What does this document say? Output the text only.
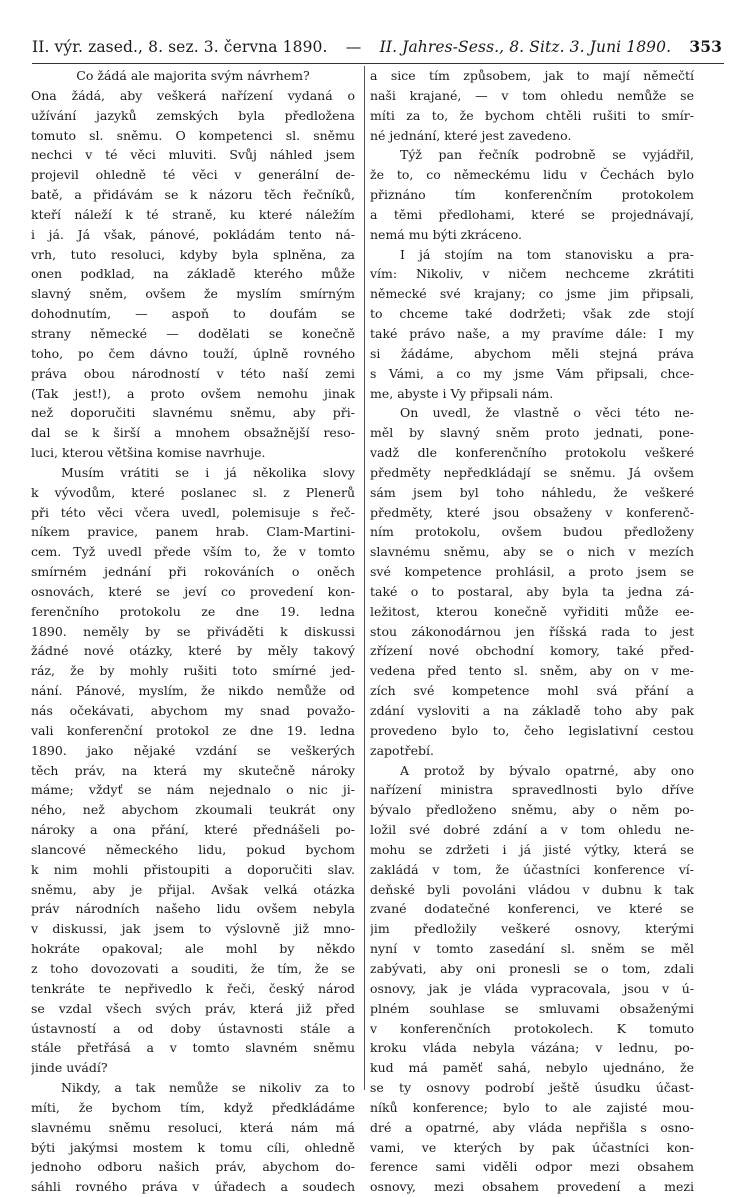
II. výr. zased., 8. sez. 3. června 1890. — II. Jahres-Sess., 8. Sitz. 3. Juni 1890. 353
Co žádá ale majorita svým návrhem?
Ona žádá, aby veškerá nařízení vydaná o
užívání jazyků zemských byla předložena
tomuto sl. sněmu. O kompetenci sl. sněmu
nechci v té věci mluviti. Svůj náhled jsem
projevil ohledně té věci v generální de-
batě, a přidávám se k názoru těch řečníků,
kteří náleží k té straně, ku které náležím
i já. Já však, pánové, pokládám tento ná-
vrh, tuto resoluci, kdyby byla splněna, za
onen podklad, na základě kterého může
slavný sněm, ovšem že myslím smírným
dohodnutím, — aspoň to doufám se
strany německé — dodělati se konečně
toho, po čem dávno touží, úplně rovného
práva obou národností v této naší zemi
(Tak jest!), a proto ovšem nemohu jinak
než doporučiti slavnému sněmu, aby při-
dal se k širší a mnohem obsažnější reso-
luci, kterou většina komise navrhuje.
Musím vrátiti se i já několika slovy
k vývodům, které poslanec sl. z Plenerů
při této věci včera uvedl, polemisuje s řeč-
níkem pravice, panem hrab. Clam-Martini-
cem. Tyž uvedl přede vším to, že v tomto
smírném jednání při rokováních o oněch
osnovách, které se jeví co provedení kon-
ferenčního protokolu ze dne 19. ledna
1890. neměly by se přiváděti k diskussi
žádné nové otázky, které by měly takový
ráz, že by mohly rušiti toto smírné jed-
nání. Pánové, myslím, že nikdo nemůže od
nás očekávati, abychom my snad považo-
vali konferenční protokol ze dne 19. ledna
1890. jako nějaké vzdání se veškerých
těch práv, na která my skutečně nároky
máme; vždyť se nám nejednalo o nic ji-
ného, než abychom zkoumali teukrát ony
nároky a ona přání, které přednášeli po-
slancové německého lidu, pokud bychom
k nim mohli přistoupiti a doporučiti slav.
sněmu, aby je přijal. Avšak velká otázka
práv národních našeho lidu ovšem nebyla
v diskussi, jak jsem to výslovně již mno-
hokráte opakoval; ale mohl by někdo
z toho dovozovati a souditi, že tím, že se
tenkráte te nepřivedlo k řeči, český národ
se vzdal všech svých práv, která již před
ústavností a od doby ústavnosti stále a
stále přetřásá a v tomto slavném sněmu
jinde uvádí?
Nikdy, a tak nemůže se nikoliv za to
míti, že bychom tím, když předkládáme
slavnému sněmu resoluci, která nám má
býti jakýmsi mostem k tomu cíli, ohledně
jednoho odboru našich práv, abychom do-
sáhli rovného práva v úřadech a soudech
a sice tím způsobem, jak to mají němečtí
naši krajané, — v tom ohledu nemůže se
míti za to, že bychom chtěli rušiti to smír-
né jednání, které jest zavedeno.
Týž pan řečník podrobně se vyjádřil,
že to, co německému lidu v Čechách bylo
přiznáno tím konferenčním protokolem
a těmi předlohami, které se projednávají,
nemá mu býti zkráceno.
I já stojím na tom stanovisku a pra-
vím: Nikoliv, v ničem nechceme zkrátiti
německé své krajany; co jsme jim připsali,
to chceme také dodržeti; však zde stojí
také právo naše, a my pravíme dále: I my
si žádáme, abychom měli stejná práva
s Vámi, a co my jsme Vám připsali, chce-
me, abyste i Vy připsali nám.
On uvedl, že vlastně o věci této ne-
měl by slavný sněm proto jednati, pone-
vadž dle konferenčního protokolu veškeré
předměty nepředkládají se sněmu. Já ovšem
sám jsem byl toho náhledu, že veškeré
předměty, které jsou obsaženy v konferenč-
ním protokolu, ovšem budou předloženy
slavnému sněmu, aby se o nich v mezích
své kompetence prohlásil, a proto jsem se
také o to postaral, aby byla ta jedna zá-
ležitost, kterou konečně vyřiditi může ee-
stou zákonodárnou jen říšská rada to jest
zřízení nové obchodní komory, také před-
vedena před tento sl. sněm, aby on v me-
zích své kompetence mohl svá přání a
zdání vysloviti a na základě toho aby pak
provedeno bylo to, čeho legislativní cestou
zapotřebí.
A protož by bývalo opatrné, aby ono
nařízení ministra spravedlnosti bylo dříve
bývalo předloženo sněmu, aby o něm po-
ložil své dobré zdání a v tom ohledu ne-
mohu se zdržeti i já jisté výtky, která se
zakládá v tom, že účastníci konference ví-
deňské byli povoláni vládou v dubnu k tak
zvané dodatečné konferenci, ve které se
jim předložily veškeré osnovy, kterými
nyní v tomto zasedání sl. sněm se měl
zabývati, aby oni pronesli se o tom, zdali
osnovy, jak je vláda vypracovala, jsou v ú-
plném souhlase se smluvami obsaženými
v konferenčních protokolech. K tomuto
kroku vláda nebyla vázána; v lednu, po-
kud má paměť sahá, nebylo ujednáno, že
se ty osnovy podrobí ještě úsudku účast-
níků konference; bylo to ale zajisté mou-
dré a opatrné, aby vláda nepřišla s osno-
vami, ve kterých by pak účastníci kon-
ference sami viděli odpor mezi obsahem
osnovy, mezi obsahem provedení a mezi
